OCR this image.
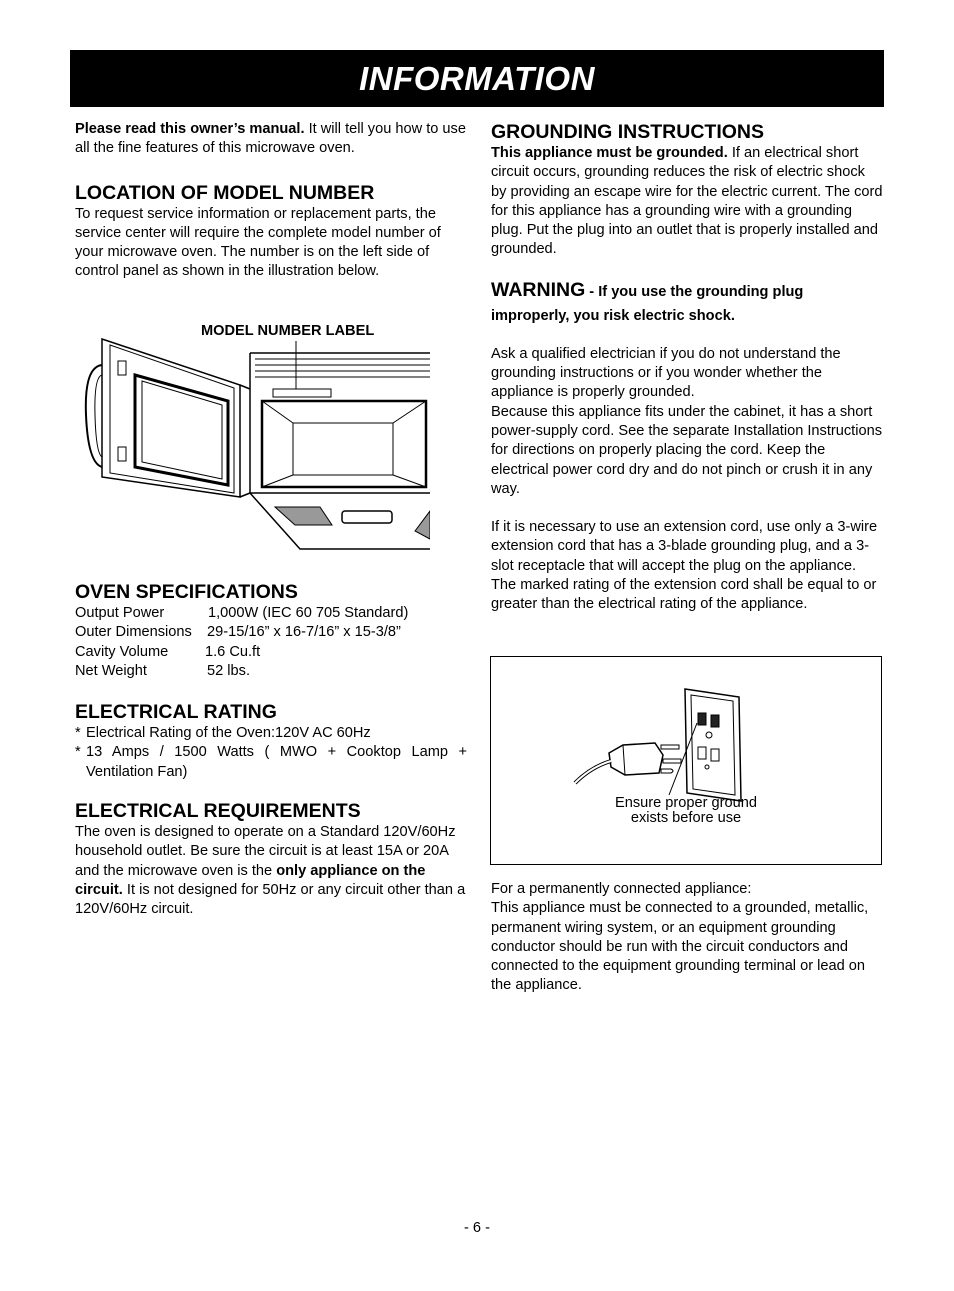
INFORMATION

Please read this owner’s manual. It will tell you how to use all the fine features of this microwave oven.

LOCATION OF MODEL NUMBER

To request service information or replacement parts, the service center will require the complete model number of your microwave oven. The number is on the left side of control panel as shown in the illustration below.

MODEL NUMBER LABEL
OVEN SPECIFICATIONS
Output Power	1,000W (IEC 60 705 Standard)
Outer Dimensions	29-15/16” x 16-7/16” x 15-3/8”
Cavity Volume	1.6 Cu.ft
Net Weight	52 lbs.
ELECTRICAL RATING
* Electrical Rating of the Oven:120V AC 60Hz
* 13 Amps / 1500 Watts ( MWO + Cooktop Lamp +
Ventilation Fan)
ELECTRICAL REQUIREMENTS

The oven is designed to operate on a Standard 120V/60Hz household outlet. Be sure the circuit is at least 15A or 20A and the microwave oven is the only appliance on the circuit. It is not designed for 50Hz or any circuit other than a 120V/60Hz circuit.

GROUNDING INSTRUCTIONS

This appliance must be grounded. If an electrical short circuit occurs, grounding reduces the risk of electric shock by providing an escape wire for the electric current. The cord for this appliance has a grounding wire with a grounding plug. Put the plug into an outlet that is properly installed and grounded.

WARNING - If you use the grounding plug improperly, you risk electric shock.

Ask a qualified electrician if you do not understand the grounding instructions or if you wonder whether the appliance is properly grounded.

Because this appliance fits under the cabinet, it has a short power-supply cord. See the separate Installation Instructions for directions on properly placing the cord. Keep the electrical power cord dry and do not pinch or crush it in any way.

If it is necessary to use an extension cord, use only a 3-wire extension cord that has a 3-blade grounding plug, and a 3-slot receptacle that will accept the plug on the appliance. The marked rating of the extension cord shall be equal to or greater than the electrical rating of the appliance.

Ensure proper ground
exists before use

For a permanently connected appliance:

This appliance must be connected to a grounded, metallic, permanent wiring system, or an equipment grounding conductor should be run with the circuit conductors and connected to the equipment grounding terminal or lead on the appliance.

- 6 -
